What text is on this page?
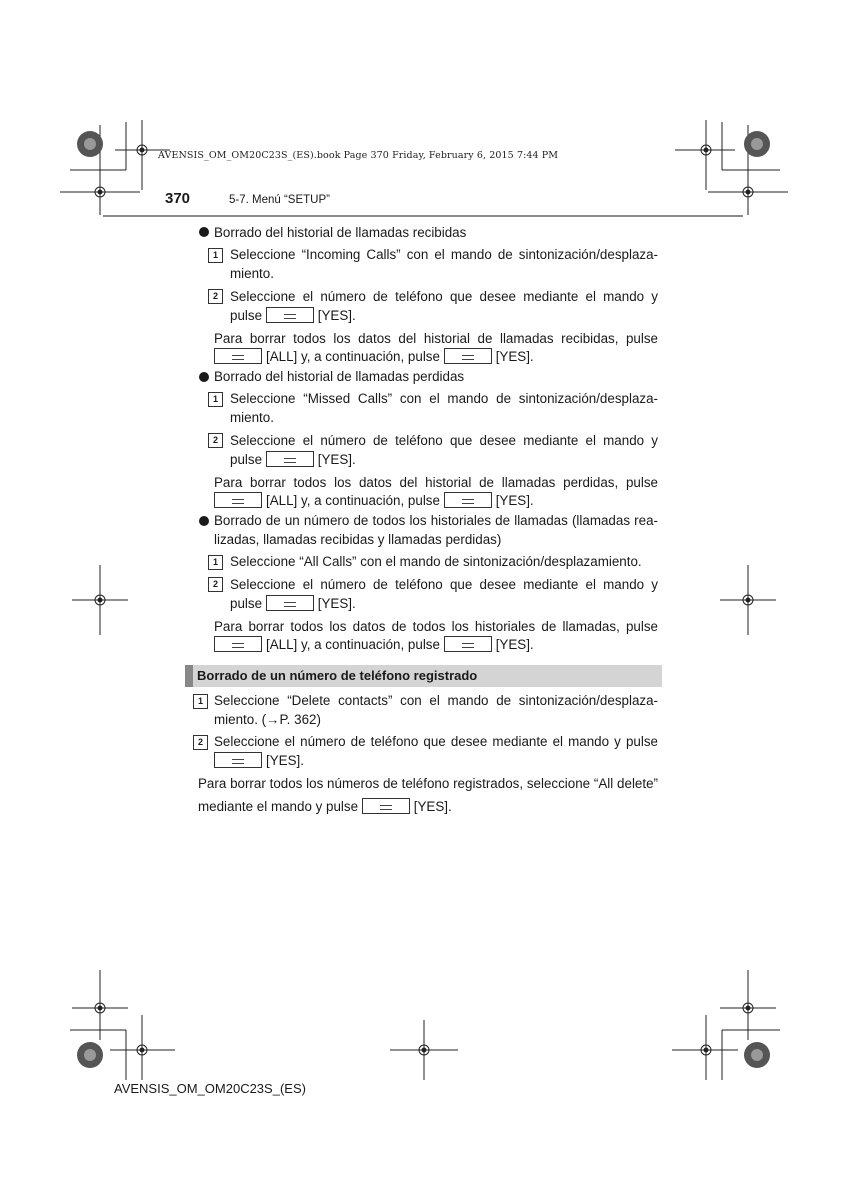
AVENSIS_OM_OM20C23S_(ES).book Page 370 Friday, February 6, 2015 7:44 PM
370	5-7. Menú “SETUP”
Borrado del historial de llamadas recibidas
1 Seleccione “Incoming Calls” con el mando de sintonización/desplaza-
miento.
2 Seleccione el número de teléfono que desee mediante el mando y
pulse	[YES].
Para borrar todos los datos del historial de llamadas recibidas, pulse
[ALL] y, a continuación, pulse	[YES].
Borrado del historial de llamadas perdidas
1 Seleccione “Missed Calls” con el mando de sintonización/desplaza-
miento.
2 Seleccione el número de teléfono que desee mediante el mando y
pulse	[YES].
Para borrar todos los datos del historial de llamadas perdidas, pulse
[ALL] y, a continuación, pulse	[YES].
Borrado de un número de todos los historiales de llamadas (llamadas rea-
lizadas, llamadas recibidas y llamadas perdidas)
1 Seleccione “All Calls” con el mando de sintonización/desplazamiento.
2 Seleccione el número de teléfono que desee mediante el mando y
pulse	[YES].
Para borrar todos los datos de todos los historiales de llamadas, pulse
[ALL] y, a continuación, pulse	[YES].
Borrado de un número de teléfono registrado
1 Seleccione “Delete contacts” con el mando de sintonización/desplaza-
miento. (→P. 362)
2 Seleccione el número de teléfono que desee mediante el mando y pulse
[YES].
Para borrar todos los números de teléfono registrados, seleccione “All delete”
mediante el mando y pulse	[YES].
AVENSIS_OM_OM20C23S_(ES)
